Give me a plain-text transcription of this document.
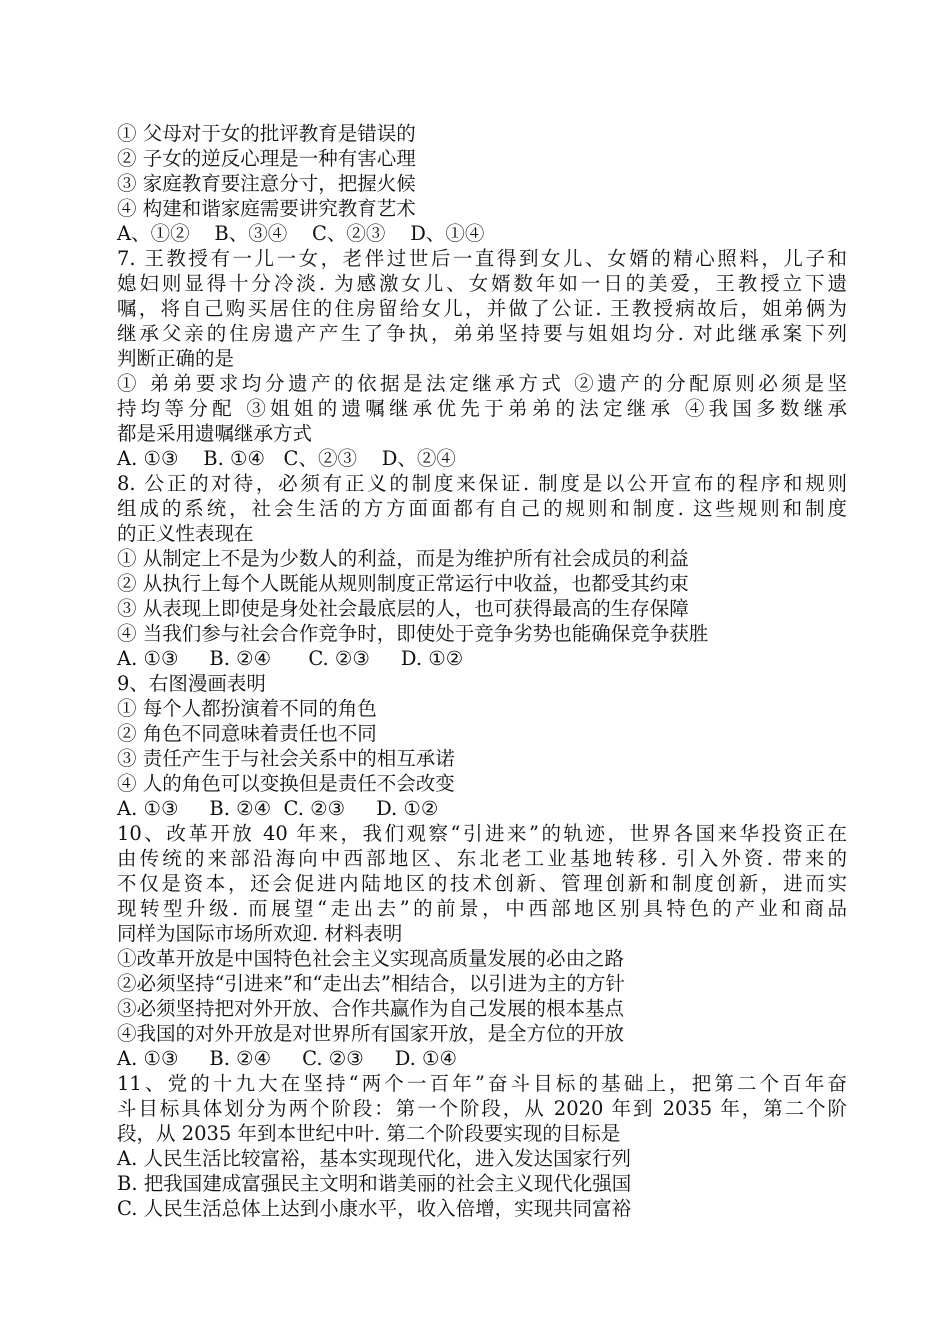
① 父母对于女的批评教育是错误的
② 子女的逆反心理是一种有害心理
③ 家庭教育要注意分寸，把握火候
④ 构建和谐家庭需要讲究教育艺术
A、①②    B、③④    C、②③    D、①④
7. 王教授有一儿一女，老伴过世后一直得到女儿、女婿的精心照料，儿子和
媳妇则显得十分冷淡. 为感激女儿、女婿数年如一日的美爱，王教授立下遗
嘱，将自己购买居住的住房留给女儿，并做了公证. 王教授病故后，姐弟俩为
继承父亲的住房遗产产生了争执，弟弟坚持要与姐姐均分. 对此继承案下列
判断正确的是
① 弟弟要求均分遗产的依据是法定继承方式 ②遗产的分配原则必须是坚
持均等分配 ③姐姐的遗嘱继承优先于弟弟的法定继承 ④我国多数继承
都是采用遗嘱继承方式
A. ①③    B. ①④   C、②③    D、②④
8. 公正的对待，必须有正义的制度来保证. 制度是以公开宣布的程序和规则
组成的系统，社会生活的方方面面都有自己的规则和制度. 这些规则和制度
的正义性表现在
① 从制定上不是为少数人的利益，而是为维护所有社会成员的利益
② 从执行上每个人既能从规则制度正常运行中收益，也都受其约束
③ 从表现上即使是身处社会最底层的人，也可获得最高的生存保障
④ 当我们参与社会合作竞争时，即使处于竞争劣势也能确保竞争获胜
A. ①③     B. ②④      C. ②③     D. ①②
9、右图漫画表明
① 每个人都扮演着不同的角色
② 角色不同意味着责任也不同
③ 责任产生于与社会关系中的相互承诺
④ 人的角色可以变换但是责任不会改变
A. ①③     B. ②④  C. ②③     D. ①②
10、改革开放 40 年来，我们观察“引进来”的轨迹，世界各国来华投资正在
由传统的来部沿海向中西部地区、东北老工业基地转移. 引入外资. 带来的
不仅是资本，还会促进内陆地区的技术创新、管理创新和制度创新，进而实
现转型升级. 而展望“走出去”的前景，中西部地区别具特色的产业和商品
同样为国际市场所欢迎. 材料表明
①改革开放是中国特色社会主义实现高质量发展的必由之路
②必须坚持“引进来”和“走出去”相结合，以引进为主的方针
③必须坚持把对外开放、合作共赢作为自己发展的根本基点
④我国的对外开放是对世界所有国家开放，是全方位的开放
A. ①③     B. ②④     C. ②③     D. ①④
11、党的十九大在坚持“两个一百年”奋斗目标的基础上，把第二个百年奋
斗目标具体划分为两个阶段：第一个阶段，从 2020 年到 2035 年，第二个阶
段，从 2035 年到本世纪中叶. 第二个阶段要实现的目标是
A. 人民生活比较富裕，基本实现现代化，进入发达国家行列
B. 把我国建成富强民主文明和谐美丽的社会主义现代化强国
C. 人民生活总体上达到小康水平，收入倍增，实现共同富裕
